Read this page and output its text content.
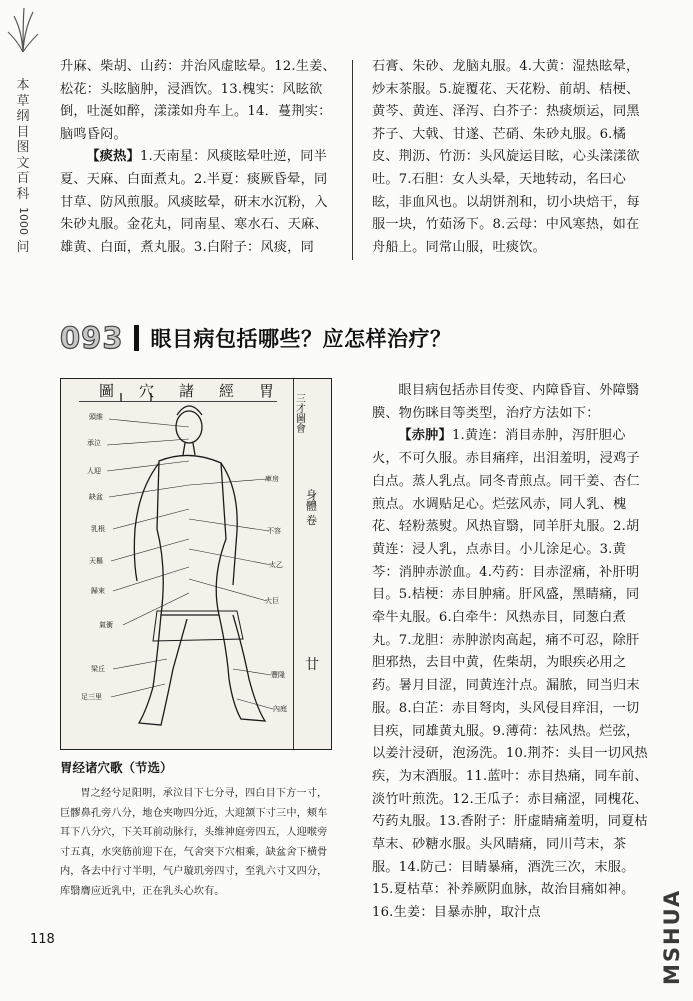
本
草
纲
目
图
文
百
科
1000
问

升麻、柴胡、山药：并治风虚眩晕。12.生姜、松花：头眩脑肿，浸酒饮。13.槐实：风眩欲倒，吐涎如醉，漾漾如舟车上。14．蔓荆实：脑鸣昏闷。

【痰热】1.天南星：风痰眩晕吐逆，同半夏、天麻、白面煮丸。2.半夏：痰厥昏晕，同甘草、防风煎服。风痰眩晕，研末水沉粉，入朱砂丸服。金花丸，同南星、寒水石、天麻、雄黄、白面，煮丸服。3.白附子：风痰，同

石膏、朱砂、龙脑丸服。4.大黄：湿热眩晕，炒末茶服。5.旋覆花、天花粉、前胡、桔梗、黄芩、黄连、泽泻、白芥子：热痰烦运，同黑芥子、大戟、甘遂、芒硝、朱砂丸服。6.橘皮、荆沥、竹沥：头风旋运目眩，心头漾漾欲吐。7.石胆：女人头晕，天地转动，名曰心眩，非血风也。以胡饼剂和，切小块焙干，每服一块，竹茹汤下。8.云母：中风寒热，如在舟船上。同常山服，吐痰饮。

093 眼目病包括哪些？应怎样治疗？
圖 穴 諸 經 胃
三才圖會
身體 卷
廿
頭維
承泣
人迎
缺盆
乳根
天樞
歸來
氣衝
梁丘
足三里
庫房
不容
太乙
大巨
豐隆
內庭
胃经诸穴歌（节选）

胃之经兮足阳明，承泣目下七分寻，四白目下方一寸，巨髎鼻孔旁八分，地仓夹吻四分近，大迎颔下寸三中，颊车耳下八分穴，下关耳前动脉行，头维神庭旁四五，人迎喉旁寸五真，水突筋前迎下在，气舍突下穴相乘，缺盆舍下横骨内，各去中行寸半明，气户璇玑旁四寸，至乳六寸又四分，库翳膺应近乳中，正在乳头心坎有。

眼目病包括赤目传变、内障昏盲、外障翳膜、物伤眯目等类型，治疗方法如下：

【赤肿】1.黄连：消目赤肿，泻肝胆心火，不可久服。赤目痛痒，出泪羞明，浸鸡子白点。蒸人乳点。同冬青煎点。同干姜、杏仁煎点。水调贴足心。烂弦风赤，同人乳、槐花、轻粉蒸熨。风热盲翳，同羊肝丸服。2.胡黄连：浸人乳，点赤目。小儿涂足心。3.黄芩：消肿赤淤血。4.芍药：目赤涩痛，补肝明目。5.桔梗：赤目肿痛。肝风盛，黑睛痛，同牵牛丸服。6.白牵牛：风热赤目，同葱白煮丸。7.龙胆：赤肿淤肉高起，痛不可忍，除肝胆邪热，去目中黄，佐柴胡，为眼疾必用之药。暑月目涩，同黄连汁点。漏脓，同当归末服。8.白芷：赤目弩肉，头风侵目痒泪，一切目疾，同雄黄丸服。9.薄荷：祛风热。烂弦，以姜汁浸研，泡汤洗。10.荆芥：头目一切风热疾，为末酒服。11.蓝叶：赤目热痛，同车前、淡竹叶煎洗。12.王瓜子：赤目痛涩，同槐花、芍药丸服。13.香附子：肝虚睛痛羞明，同夏枯草末、砂糖水服。头风睛痛，同川芎末，茶服。14.防己：目睛暴痛，酒洗三次，末服。15.夏枯草：补养厥阴血脉，故治目痛如神。16.生姜：目暴赤肿，取汁点

118	MSHUA
